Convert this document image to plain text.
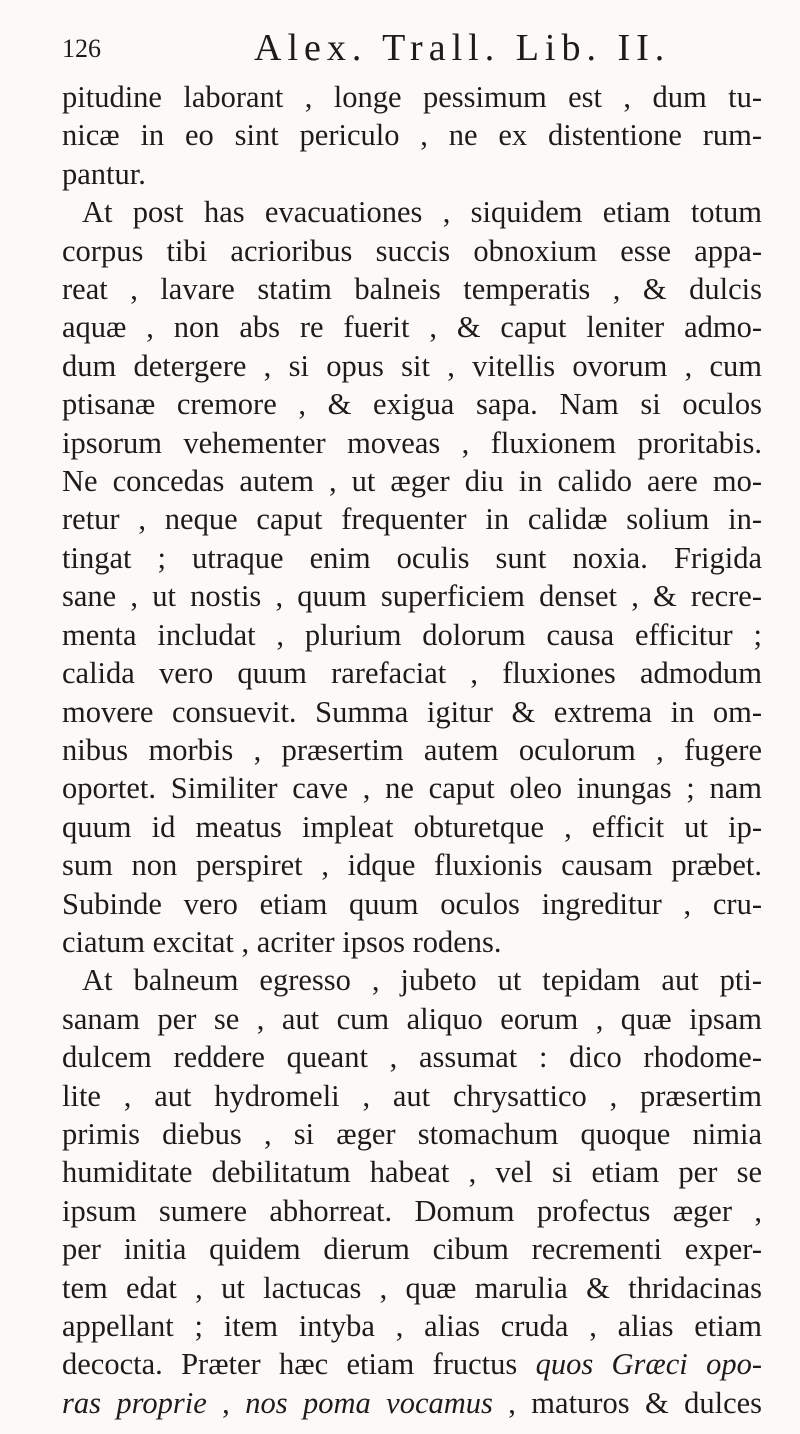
126	Alex. Trall. Lib. II.
pitudine laborant , longe pessimum est , dum tu-
nicæ in eo sint periculo , ne ex distentione rum-
pantur.
At post has evacuationes , siquidem etiam totum
corpus tibi acrioribus succis obnoxium esse appa-
reat , lavare statim balneis temperatis , & dulcis
aquæ , non abs re fuerit , & caput leniter admo-
dum detergere , si opus sit , vitellis ovorum , cum
ptisanæ cremore , & exigua sapa. Nam si oculos
ipsorum vehementer moveas , fluxionem proritabis.
Ne concedas autem , ut æger diu in calido aere mo-
retur , neque caput frequenter in calidæ solium in-
tingat ; utraque enim oculis sunt noxia. Frigida
sane , ut nostis , quum superficiem denset , & recre-
menta includat , plurium dolorum causa efficitur ;
calida vero quum rarefaciat , fluxiones admodum
movere consuevit. Summa igitur & extrema in om-
nibus morbis , præsertim autem oculorum , fugere
oportet. Similiter cave , ne caput oleo inungas ; nam
quum id meatus impleat obturetque , efficit ut ip-
sum non perspiret , idque fluxionis causam præbet.
Subinde vero etiam quum oculos ingreditur , cru-
ciatum excitat , acriter ipsos rodens.
At balneum egresso , jubeto ut tepidam aut pti-
sanam per se , aut cum aliquo eorum , quæ ipsam
dulcem reddere queant , assumat : dico rhodome-
lite , aut hydromeli , aut chrysattico , præsertim
primis diebus , si æger stomachum quoque nimia
humiditate debilitatum habeat , vel si etiam per se
ipsum sumere abhorreat. Domum profectus æger ,
per initia quidem dierum cibum recrementi exper-
tem edat , ut lactucas , quæ marulia & thridacinas
appellant ; item intyba , alias cruda , alias etiam
decocta. Præter hæc etiam fructus quos Græci opo-
ras proprie , nos poma vocamus , maturos & dulces
